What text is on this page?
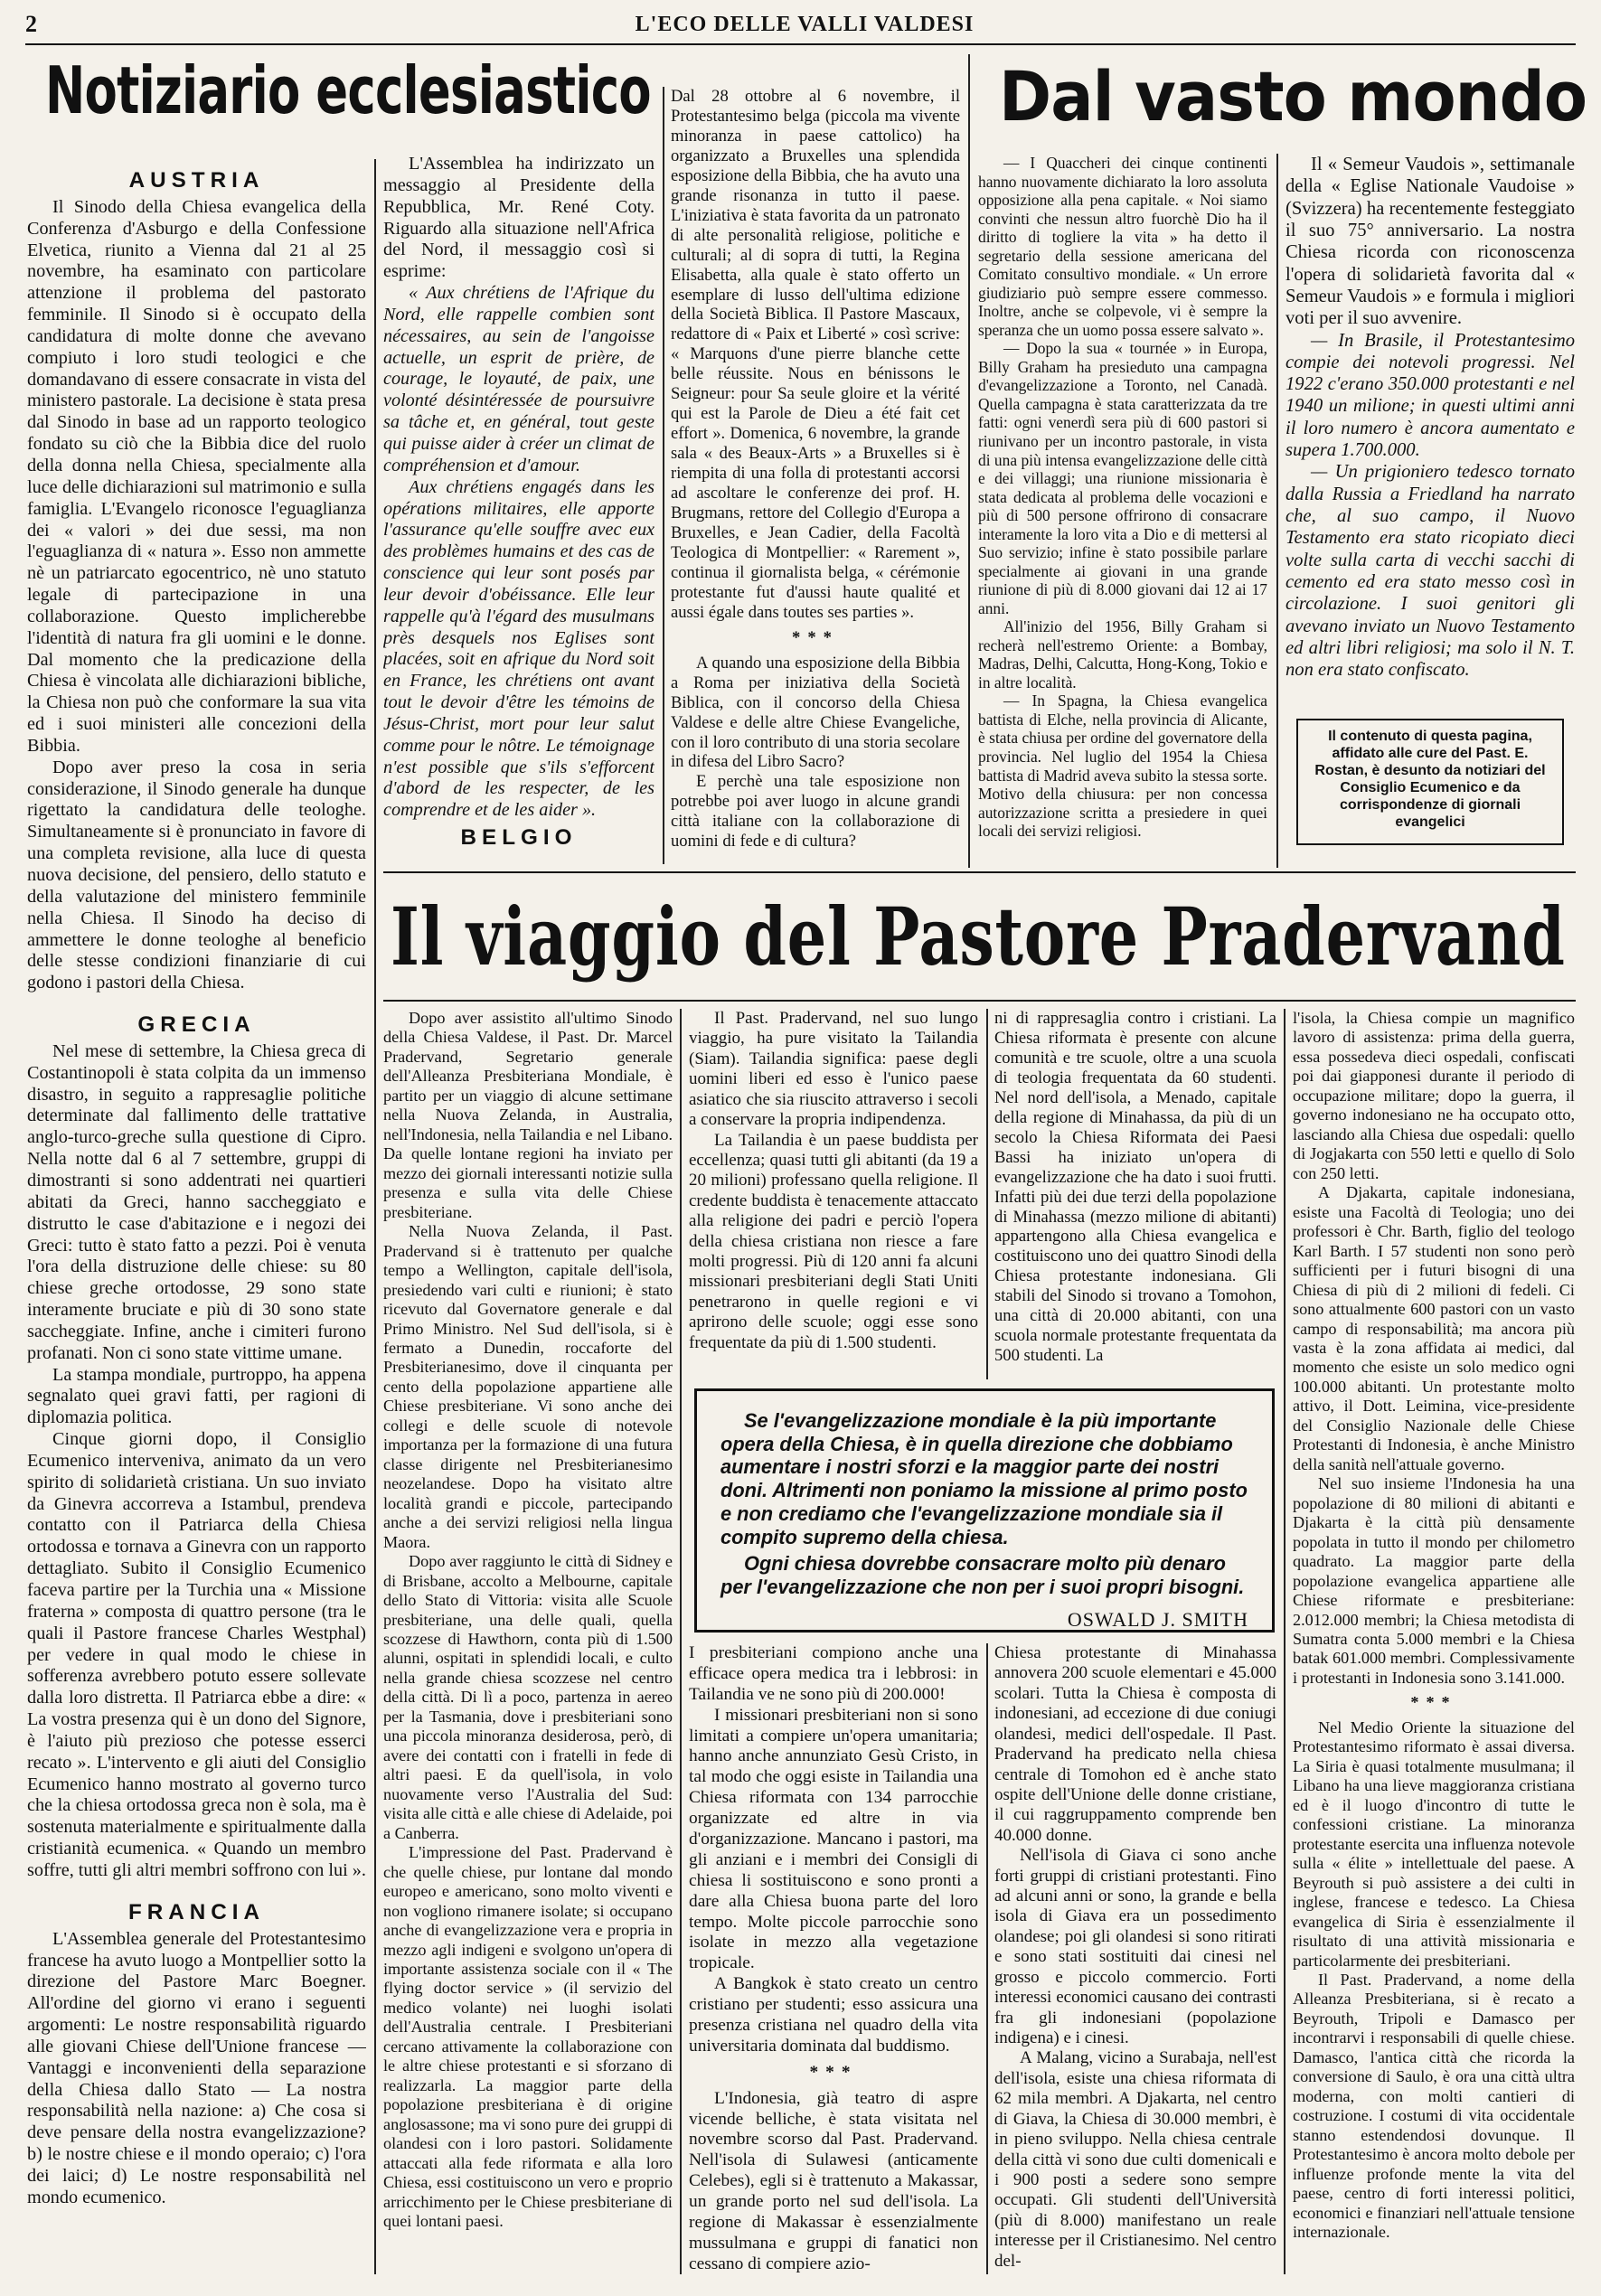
2	L'ECO DELLE VALLI VALDESI
Notiziario ecclesiastico	Dal vasto mondo
AUSTRIA

Il Sinodo della Chiesa evangelica della Conferenza d'Asburgo e della Confessione Elvetica, riunito a Vienna dal 21 al 25 novembre, ha esaminato con particolare attenzione il problema del pastorato femminile. Il Sinodo si è occupato della candidatura di molte donne che avevano compiuto i loro studi teologici e che domandavano di essere consacrate in vista del ministero pastorale. La decisione è stata presa dal Sinodo in base ad un rapporto teologico fondato su ciò che la Bibbia dice del ruolo della donna nella Chiesa, specialmente alla luce delle dichiarazioni sul matrimonio e sulla famiglia. L'Evangelo riconosce l'eguaglianza dei « valori » dei due sessi, ma non l'eguaglianza di « natura ». Esso non ammette nè un patriarcato egocentrico, nè uno statuto legale di partecipazione in una collaborazione. Questo implicherebbe l'identità di natura fra gli uomini e le donne. Dal momento che la predicazione della Chiesa è vincolata alle dichiarazioni bibliche, la Chiesa non può che conformare la sua vita ed i suoi ministeri alle concezioni della Bibbia.

Dopo aver preso la cosa in seria considerazione, il Sinodo generale ha dunque rigettato la candidatura delle teologhe. Simultaneamente si è pronunciato in favore di una completa revisione, alla luce di questa nuova decisione, del pensiero, dello statuto e della valutazione del ministero femminile nella Chiesa. Il Sinodo ha deciso di ammettere le donne teologhe al beneficio delle stesse condizioni finanziarie di cui godono i pastori della Chiesa.

GRECIA

Nel mese di settembre, la Chiesa greca di Costantinopoli è stata colpita da un immenso disastro, in seguito a rappresaglie politiche determinate dal fallimento delle trattative anglo-turco-greche sulla questione di Cipro. Nella notte dal 6 al 7 settembre, gruppi di dimostranti si sono addentrati nei quartieri abitati da Greci, hanno saccheggiato e distrutto le case d'abitazione e i negozi dei Greci: tutto è stato fatto a pezzi. Poi è venuta l'ora della distruzione delle chiese: su 80 chiese greche ortodosse, 29 sono state interamente bruciate e più di 30 sono state saccheggiate. Infine, anche i cimiteri furono profanati. Non ci sono state vittime umane.

La stampa mondiale, purtroppo, ha appena segnalato quei gravi fatti, per ragioni di diplomazia politica.

Cinque giorni dopo, il Consiglio Ecumenico interveniva, animato da un vero spirito di solidarietà cristiana. Un suo inviato da Ginevra accorreva a Istambul, prendeva contatto con il Patriarca della Chiesa ortodossa e tornava a Ginevra con un rapporto dettagliato. Subito il Consiglio Ecumenico faceva partire per la Turchia una « Missione fraterna » composta di quattro persone (tra le quali il Pastore francese Charles Westphal) per vedere in qual modo le chiese in sofferenza avrebbero potuto essere sollevate dalla loro distretta. Il Patriarca ebbe a dire: « La vostra presenza qui è un dono del Signore, è l'aiuto più prezioso che potesse esserci recato ». L'intervento e gli aiuti del Consiglio Ecumenico hanno mostrato al governo turco che la chiesa ortodossa greca non è sola, ma è sostenuta materialmente e spiritualmente dalla cristianità ecumenica. « Quando un membro soffre, tutti gli altri membri soffrono con lui ».

FRANCIA

L'Assemblea generale del Protestantesimo francese ha avuto luogo a Montpellier sotto la direzione del Pastore Marc Boegner. All'ordine del giorno vi erano i seguenti argomenti: Le nostre responsabilità riguardo alle giovani Chiese dell'Unione francese — Vantaggi e inconvenienti della separazione della Chiesa dallo Stato — La nostra responsabilità nella nazione: a) Che cosa si deve pensare della nostra evangelizzazione? b) le nostre chiese e il mondo operaio; c) l'ora dei laici; d) Le nostre responsabilità nel mondo ecumenico.

L'Assemblea ha indirizzato un messaggio al Presidente della Repubblica, Mr. René Coty. Riguardo alla situazione nell'Africa del Nord, il messaggio così si esprime:

« Aux chrétiens de l'Afrique du Nord, elle rappelle combien sont nécessaires, au sein de l'angoisse actuelle, un esprit de prière, de courage, le loyauté, de paix, une volonté désintéressée de poursuivre sa tâche et, en général, tout geste qui puisse aider à créer un climat de compréhension et d'amour.

Aux chrétiens engagés dans les opérations militaires, elle apporte l'assurance qu'elle souffre avec eux des problèmes humains et des cas de conscience qui leur sont posés par leur devoir d'obéissance. Elle leur rappelle qu'à l'égard des musulmans près desquels nos Eglises sont placées, soit en afrique du Nord soit en France, les chrétiens ont avant tout le devoir d'être les témoins de Jésus-Christ, mort pour leur salut comme pour le nôtre. Le témoignage n'est possible que s'ils s'efforcent d'abord de les respecter, de les comprendre et de les aider ».

BELGIO

Dal 28 ottobre al 6 novembre, il Protestantesimo belga (piccola ma vivente minoranza in paese cattolico) ha organizzato a Bruxelles una splendida esposizione della Bibbia, che ha avuto una grande risonanza in tutto il paese. L'iniziativa è stata favorita da un patronato di alte personalità religiose, politiche e culturali; al di sopra di tutti, la Regina Elisabetta, alla quale è stato offerto un esemplare di lusso dell'ultima edizione della Società Biblica. Il Pastore Mascaux, redattore di « Paix et Liberté » così scrive: « Marquons d'une pierre blanche cette belle réussite. Nous en bénissons le Seigneur: pour Sa seule gloire et la vérité qui est la Parole de Dieu a été fait cet effort ». Domenica, 6 novembre, la grande sala « des Beaux-Arts » a Bruxelles si è riempita di una folla di protestanti accorsi ad ascoltare le conferenze dei prof. H. Brugmans, rettore del Collegio d'Europa a Bruxelles, e Jean Cadier, della Facoltà Teologica di Montpellier: « Rarement », continua il giornalista belga, « cérémonie protestante fut d'aussi haute qualité et aussi égale dans toutes ses parties ».

***

A quando una esposizione della Bibbia a Roma per iniziativa della Società Biblica, con il concorso della Chiesa Valdese e delle altre Chiese Evangeliche, con il loro contributo di una storia secolare in difesa del Libro Sacro?

E perchè una tale esposizione non potrebbe poi aver luogo in alcune grandi città italiane con la collaborazione di uomini di fede e di cultura?

— I Quaccheri dei cinque continenti hanno nuovamente dichiarato la loro assoluta opposizione alla pena capitale. « Noi siamo convinti che nessun altro fuorchè Dio ha il diritto di togliere la vita » ha detto il segretario della sessione americana del Comitato consultivo mondiale. « Un errore giudiziario può sempre essere commesso. Inoltre, anche se colpevole, vi è sempre la speranza che un uomo possa essere salvato ».

— Dopo la sua « tournée » in Europa, Billy Graham ha presieduto una campagna d'evangelizzazione a Toronto, nel Canadà. Quella campagna è stata caratterizzata da tre fatti: ogni venerdì sera più di 600 pastori si riunivano per un incontro pastorale, in vista di una più intensa evangelizzazione delle città e dei villaggi; una riunione missionaria è stata dedicata al problema delle vocazioni e più di 500 persone offrirono di consacrare interamente la loro vita a Dio e di mettersi al Suo servizio; infine è stato possibile parlare specialmente ai giovani in una grande riunione di più di 8.000 giovani dai 12 ai 17 anni.

All'inizio del 1956, Billy Graham si recherà nell'estremo Oriente: a Bombay, Madras, Delhi, Calcutta, Hong-Kong, Tokio e in altre località.

— In Spagna, la Chiesa evangelica battista di Elche, nella provincia di Alicante, è stata chiusa per ordine del governatore della provincia. Nel luglio del 1954 la Chiesa battista di Madrid aveva subito la stessa sorte. Motivo della chiusura: per non concessa autorizzazione scritta a presiedere in quei locali dei servizi religiosi.

Il « Semeur Vaudois », settimanale della « Eglise Nationale Vaudoise » (Svizzera) ha recentemente festeggiato il suo 75° anniversario. La nostra Chiesa ricorda con riconoscenza l'opera di solidarietà favorita dal « Semeur Vaudois » e formula i migliori voti per il suo avvenire.

— In Brasile, il Protestantesimo compie dei notevoli progressi. Nel 1922 c'erano 350.000 protestanti e nel 1940 un milione; in questi ultimi anni il loro numero è ancora aumentato e supera 1.700.000.

— Un prigioniero tedesco tornato dalla Russia a Friedland ha narrato che, al suo campo, il Nuovo Testamento era stato ricopiato dieci volte sulla carta di vecchi sacchi di cemento ed era stato messo così in circolazione. I suoi genitori gli avevano inviato un Nuovo Testamento ed altri libri religiosi; ma solo il N. T. non era stato confiscato.

Il contenuto di questa pagina, affidato alle cure del Past. E. Rostan, è desunto da notiziari del Consiglio Ecumenico e da corrispondenze di giornali evangelici
Il viaggio del Pastore Pradervand

Dopo aver assistito all'ultimo Sinodo della Chiesa Valdese, il Past. Dr. Marcel Pradervand, Segretario generale dell'Alleanza Presbiteriana Mondiale, è partito per un viaggio di alcune settimane nella Nuova Zelanda, in Australia, nell'Indonesia, nella Tailandia e nel Libano. Da quelle lontane regioni ha inviato per mezzo dei giornali interessanti notizie sulla presenza e sulla vita delle Chiese presbiteriane.

Nella Nuova Zelanda, il Past. Pradervand si è trattenuto per qualche tempo a Wellington, capitale dell'isola, presiedendo vari culti e riunioni; è stato ricevuto dal Governatore generale e dal Primo Ministro. Nel Sud dell'isola, si è fermato a Dunedin, roccaforte del Presbiterianesimo, dove il cinquanta per cento della popolazione appartiene alle Chiese presbiteriane. Vi sono anche dei collegi e delle scuole di notevole importanza per la formazione di una futura classe dirigente nel Presbiterianesimo neozelandese. Dopo ha visitato altre località grandi e piccole, partecipando anche a dei servizi religiosi nella lingua Maora.

Dopo aver raggiunto le città di Sidney e di Brisbane, accolto a Melbourne, capitale dello Stato di Vittoria: visita alle Scuole presbiteriane, una delle quali, quella scozzese di Hawthorn, conta più di 1.500 alunni, ospitati in splendidi locali, e culto nella grande chiesa scozzese nel centro della città. Di lì a poco, partenza in aereo per la Tasmania, dove i presbiteriani sono una piccola minoranza desiderosa, però, di avere dei contatti con i fratelli in fede di altri paesi. E da quell'isola, in volo nuovamente verso l'Australia del Sud: visita alle città e alle chiese di Adelaide, poi a Canberra.

L'impressione del Past. Pradervand è che quelle chiese, pur lontane dal mondo europeo e americano, sono molto viventi e non vogliono rimanere isolate; si occupano anche di evangelizzazione vera e propria in mezzo agli indigeni e svolgono un'opera di importante assistenza sociale con il « The flying doctor service » (il servizio del medico volante) nei luoghi isolati dell'Australia centrale. I Presbiteriani cercano attivamente la collaborazione con le altre chiese protestanti e si sforzano di realizzarla. La maggior parte della popolazione presbiteriana è di origine anglosassone; ma vi sono pure dei gruppi di olandesi con i loro pastori. Solidamente attaccati alla fede riformata e alla loro Chiesa, essi costituiscono un vero e proprio arricchimento per le Chiese presbiteriane di quei lontani paesi.

Il Past. Pradervand, nel suo lungo viaggio, ha pure visitato la Tailandia (Siam). Tailandia significa: paese degli uomini liberi ed esso è l'unico paese asiatico che sia riuscito attraverso i secoli a conservare la propria indipendenza.

La Tailandia è un paese buddista per eccellenza; quasi tutti gli abitanti (da 19 a 20 milioni) professano quella religione. Il credente buddista è tenacemente attaccato alla religione dei padri e perciò l'opera della chiesa cristiana non riesce a fare molti progressi. Più di 120 anni fa alcuni missionari presbiteriani degli Stati Uniti penetrarono in quelle regioni e vi aprirono delle scuole; oggi esse sono frequentate da più di 1.500 studenti.

ni di rappresaglia contro i cristiani. La Chiesa riformata è presente con alcune comunità e tre scuole, oltre a una scuola di teologia frequentata da 60 studenti. Nel nord dell'isola, a Menado, capitale della regione di Minahassa, da più di un secolo la Chiesa Riformata dei Paesi Bassi ha iniziato un'opera di evangelizzazione che ha dato i suoi frutti. Infatti più dei due terzi della popolazione di Minahassa (mezzo milione di abitanti) appartengono alla Chiesa evangelica e costituiscono uno dei quattro Sinodi della Chiesa protestante indonesiana. Gli stabili del Sinodo si trovano a Tomohon, una città di 20.000 abitanti, con una scuola normale protestante frequentata da 500 studenti. La

l'isola, la Chiesa compie un magnifico lavoro di assistenza: prima della guerra, essa possedeva dieci ospedali, confiscati poi dai giapponesi durante il periodo di occupazione militare; dopo la guerra, il governo indonesiano ne ha occupato otto, lasciando alla Chiesa due ospedali: quello di Jogjakarta con 550 letti e quello di Solo con 250 letti.

A Djakarta, capitale indonesiana, esiste una Facoltà di Teologia; uno dei professori è Chr. Barth, figlio del teologo Karl Barth. I 57 studenti non sono però sufficienti per i futuri bisogni di una Chiesa di più di 2 milioni di fedeli. Ci sono attualmente 600 pastori con un vasto campo di responsabilità; ma ancora più vasta è la zona affidata ai medici, dal momento che esiste un solo medico ogni 100.000 abitanti. Un protestante molto attivo, il Dott. Leimina, vice-presidente del Consiglio Nazionale delle Chiese Protestanti di Indonesia, è anche Ministro della sanità nell'attuale governo.

Nel suo insieme l'Indonesia ha una popolazione di 80 milioni di abitanti e Djakarta è la città più densamente popolata in tutto il mondo per chilometro quadrato. La maggior parte della popolazione evangelica appartiene alle Chiese riformate e presbiteriane: 2.012.000 membri; la Chiesa metodista di Sumatra conta 5.000 membri e la Chiesa batak 601.000 membri. Complessivamente i protestanti in Indonesia sono 3.141.000.

***

Nel Medio Oriente la situazione del Protestantesimo riformato è assai diversa. La Siria è quasi totalmente musulmana; il Libano ha una lieve maggioranza cristiana ed è il luogo d'incontro di tutte le confessioni cristiane. La minoranza protestante esercita una influenza notevole sulla « élite » intellettuale del paese. A Beyrouth si può assistere a dei culti in inglese, francese e tedesco. La Chiesa evangelica di Siria è essenzialmente il risultato di una attività missionaria e particolarmente dei presbiteriani.

Il Past. Pradervand, a nome della Alleanza Presbiteriana, si è recato a Beyrouth, Tripoli e Damasco per incontrarvi i responsabili di quelle chiese. Damasco, l'antica città che ricorda la conversione di Saulo, è ora una città ultra moderna, con molti cantieri di costruzione. I costumi di vita occidentale stanno estendendosi dovunque. Il Protestantesimo è ancora molto debole per influenze profonde mente la vita del paese, centro di forti interessi politici, economici e finanziari nell'attuale tensione internazionale.

Se l'evangelizzazione mondiale è la più importante opera della Chiesa, è in quella direzione che dobbiamo aumentare i nostri sforzi e la maggior parte dei nostri doni. Altrimenti non poniamo la missione al primo posto e non crediamo che l'evangelizzazione mondiale sia il compito supremo della chiesa.

Ogni chiesa dovrebbe consacrare molto più denaro per l'evangelizzazione che non per i suoi propri bisogni.

OSWALD J. SMITH

I presbiteriani compiono anche una efficace opera medica tra i lebbrosi: in Tailandia ve ne sono più di 200.000!

I missionari presbiteriani non si sono limitati a compiere un'opera umanitaria; hanno anche annunziato Gesù Cristo, in tal modo che oggi esiste in Tailandia una Chiesa riformata con 134 parrocchie organizzate ed altre in via d'organizzazione. Mancano i pastori, ma gli anziani e i membri dei Consigli di chiesa li sostituiscono e sono pronti a dare alla Chiesa buona parte del loro tempo. Molte piccole parrocchie sono isolate in mezzo alla vegetazione tropicale.

A Bangkok è stato creato un centro cristiano per studenti; esso assicura una presenza cristiana nel quadro della vita universitaria dominata dal buddismo.

***

L'Indonesia, già teatro di aspre vicende belliche, è stata visitata nel novembre scorso dal Past. Pradervand. Nell'isola di Sulawesi (anticamente Celebes), egli si è trattenuto a Makassar, un grande porto nel sud dell'isola. La regione di Makassar è essenzialmente mussulmana e gruppi di fanatici non cessano di compiere azio-

Chiesa protestante di Minahassa annovera 200 scuole elementari e 45.000 scolari. Tutta la Chiesa è composta di indonesiani, ad eccezione di due coniugi olandesi, medici dell'ospedale. Il Past. Pradervand ha predicato nella chiesa centrale di Tomohon ed è anche stato ospite dell'Unione delle donne cristiane, il cui raggruppamento comprende ben 40.000 donne.

Nell'isola di Giava ci sono anche forti gruppi di cristiani protestanti. Fino ad alcuni anni or sono, la grande e bella isola di Giava era un possedimento olandese; poi gli olandesi si sono ritirati e sono stati sostituiti dai cinesi nel grosso e piccolo commercio. Forti interessi economici causano dei contrasti fra gli indonesiani (popolazione indigena) e i cinesi.

A Malang, vicino a Surabaja, nell'est dell'isola, esiste una chiesa riformata di 62 mila membri. A Djakarta, nel centro di Giava, la Chiesa di 30.000 membri, è in pieno sviluppo. Nella chiesa centrale della città vi sono due culti domenicali e i 900 posti a sedere sono sempre occupati. Gli studenti dell'Università (più di 8.000) manifestano un reale interesse per il Cristianesimo. Nel centro del-
